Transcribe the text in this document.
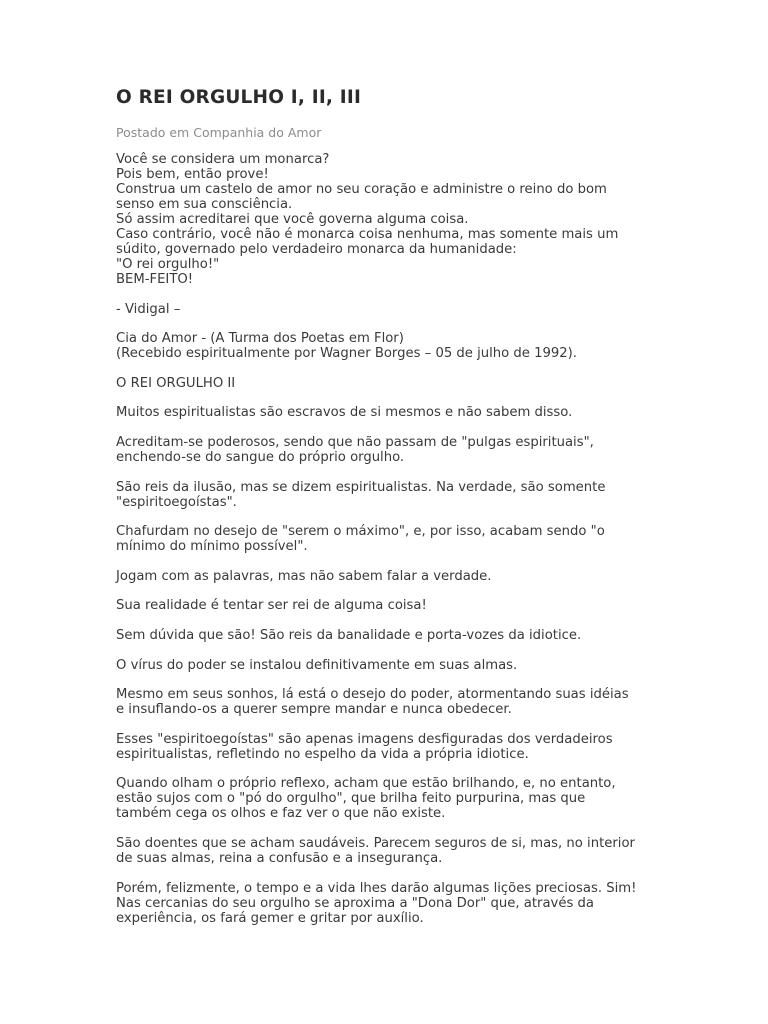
O REI ORGULHO I, II, III

Postado em Companhia do Amor

Você se considera um monarca?
Pois bem, então prove!
Construa um castelo de amor no seu coração e administre o reino do bom
senso em sua consciência.
Só assim acreditarei que você governa alguma coisa.
Caso contrário, você não é monarca coisa nenhuma, mas somente mais um
súdito, governado pelo verdadeiro monarca da humanidade:
"O rei orgulho!"
BEM-FEITO!
- Vidigal –
Cia do Amor - (A Turma dos Poetas em Flor)
(Recebido espiritualmente por Wagner Borges – 05 de julho de 1992).
O REI ORGULHO II
Muitos espiritualistas são escravos de si mesmos e não sabem disso.
Acreditam-se poderosos, sendo que não passam de "pulgas espirituais",
enchendo-se do sangue do próprio orgulho.
São reis da ilusão, mas se dizem espiritualistas. Na verdade, são somente
"espiritoegoístas".
Chafurdam no desejo de "serem o máximo", e, por isso, acabam sendo "o
mínimo do mínimo possível".
Jogam com as palavras, mas não sabem falar a verdade.
Sua realidade é tentar ser rei de alguma coisa!
Sem dúvida que são! São reis da banalidade e porta-vozes da idiotice.
O vírus do poder se instalou definitivamente em suas almas.
Mesmo em seus sonhos, lá está o desejo do poder, atormentando suas idéias
e insuflando-os a querer sempre mandar e nunca obedecer.
Esses "espiritoegoístas" são apenas imagens desfiguradas dos verdadeiros
espiritualistas, refletindo no espelho da vida a própria idiotice.
Quando olham o próprio reflexo, acham que estão brilhando, e, no entanto,
estão sujos com o "pó do orgulho", que brilha feito purpurina, mas que
também cega os olhos e faz ver o que não existe.
São doentes que se acham saudáveis. Parecem seguros de si, mas, no interior
de suas almas, reina a confusão e a insegurança.
Porém, felizmente, o tempo e a vida lhes darão algumas lições preciosas. Sim!
Nas cercanias do seu orgulho se aproxima a "Dona Dor" que, através da
experiência, os fará gemer e gritar por auxílio.
